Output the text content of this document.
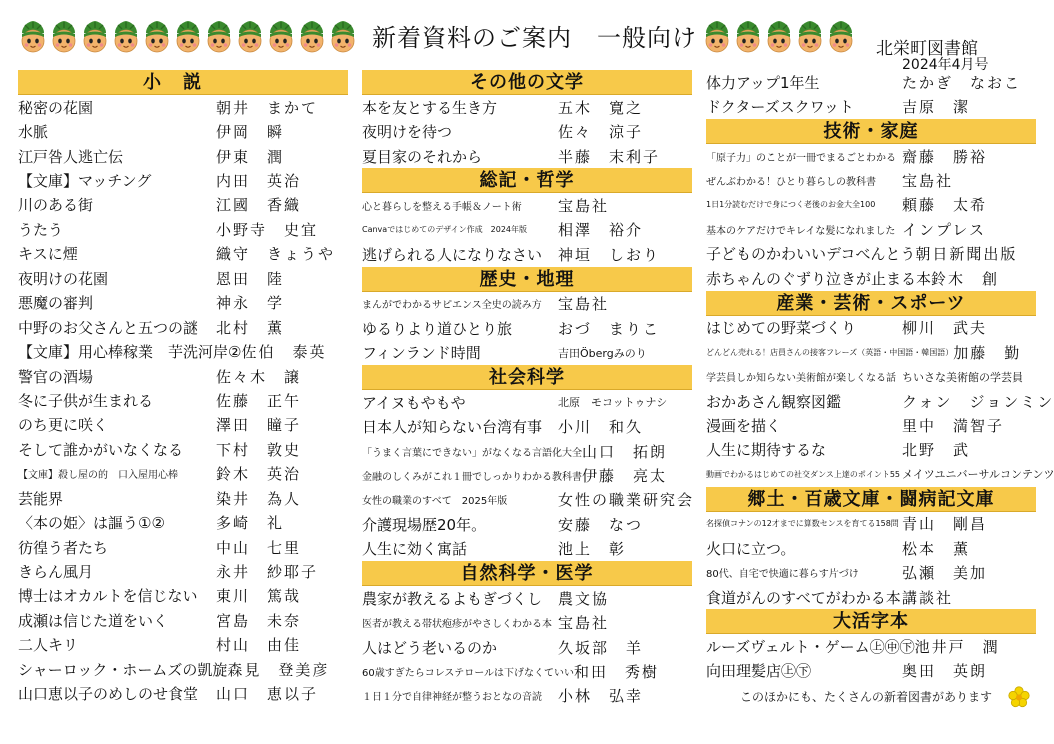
新着資料のご案内　一般向け	北栄町図書館
2024年4月号
小説
秘密の花園	朝井　まかて
水脈	伊岡　瞬
江戸咎人逃亡伝	伊東　潤
【文庫】マッチング	内田　英治
川のある街	江國　香織
うたう	小野寺　史宜
キスに煙	織守　きょうや
夜明けの花園	恩田　陸
悪魔の審判	神永　学
中野のお父さんと五つの謎	北村　薫
【文庫】用心棒稼業　芋洗河岸② 佐伯　泰英
警官の酒場	佐々木　譲
冬に子供が生まれる	佐藤　正午
のち更に咲く	澤田　瞳子
そして誰かがいなくなる	下村　敦史
【文庫】殺し屋の的　口入屋用心棒	鈴木　英治
芸能界	染井　為人
〈本の姫〉は謳う①②	多崎　礼
彷徨う者たち	中山　七里
きらん風月	永井　紗耶子
博士はオカルトを信じない	東川　篤哉
成瀬は信じた道をいく	宮島　未奈
二人キリ	村山　由佳
シャーロック・ホームズの凱旋 森見　登美彦
山口恵以子のめしのせ食堂	山口　恵以子
その他の文学
本を友とする生き方	五木　寛之
夜明けを待つ	佐々　涼子
夏目家のそれから	半藤　末利子
総記・哲学
心と暮らしを整える手帳＆ノート術	宝島社
Canvaではじめてのデザイン作成　2024年版	相澤　裕介
逃げられる人になりなさい	神垣　しおり
歴史・地理
まんがでわかるサピエンス全史の読み方	宝島社
ゆるりより道ひとり旅	おづ　まりこ
フィンランド時間	吉田Öbergみのり
社会科学
アイヌもやもや	北原　モコットゥナシ
日本人が知らない台湾有事	小川　和久
「うまく言葉にできない」がなくなる言語化大全 山口　拓朗
金融のしくみがこれ１冊でしっかりわかる教科書 伊藤　亮太
女性の職業のすべて　2025年版	女性の職業研究会
介護現場歴20年。	安藤　なつ
人生に効く寓話	池上　彰
自然科学・医学
農家が教えるよもぎづくし	農文協
医者が教える帯状疱疹がやさしくわかる本 宝島社
人はどう老いるのか	久坂部　羊
60歳すぎたらコレステロールは下げなくていい 和田　秀樹
１日１分で自律神経が整うおとなの音読	小林　弘幸
体力アップ1年生	たかぎ　なおこ
ドクターズスクワット	吉原　潔
技術・家庭
「原子力」のことが一冊でまるごとわかる 齋藤　勝裕
ぜんぶわかる！ひとり暮らしの教科書	宝島社
1日1分読むだけで身につく老後のお金大全100	頼藤　太希
基本のケアだけでキレイな髪になれました インプレス
子どものかわいいデコべんとう 朝日新聞出版
赤ちゃんのぐずり泣きが止まる本 鈴木　創
産業・芸術・スポーツ
はじめての野菜づくり	柳川　武夫
どんどん売れる！店員さんの接客フレーズ（英語・中国語・韓国語） 加藤　勤
学芸員しか知らない美術館が楽しくなる話 ちいさな美術館の学芸員
おかあさん観察図鑑	クォン　ジョンミン
漫画を描く	里中　満智子
人生に期待するな	北野　武
動画でわかるはじめての社交ダンス上達のポイント55 メイツユニバーサルコンテンツ
郷土・百歳文庫・闘病記文庫
名探偵コナンの12才までに算数センスを育てる158問 青山　剛昌
火口に立つ。	松本　薫
80代、自宅で快適に暮らす片づけ	弘瀬　美加
食道がんのすべてがわかる本 講談社
大活字本
ルーズヴェルト・ゲーム㊤㊥㊦ 池井戸　潤
向田理髪店㊤㊦	奥田　英朗
このほかにも、たくさんの新着図書があります
